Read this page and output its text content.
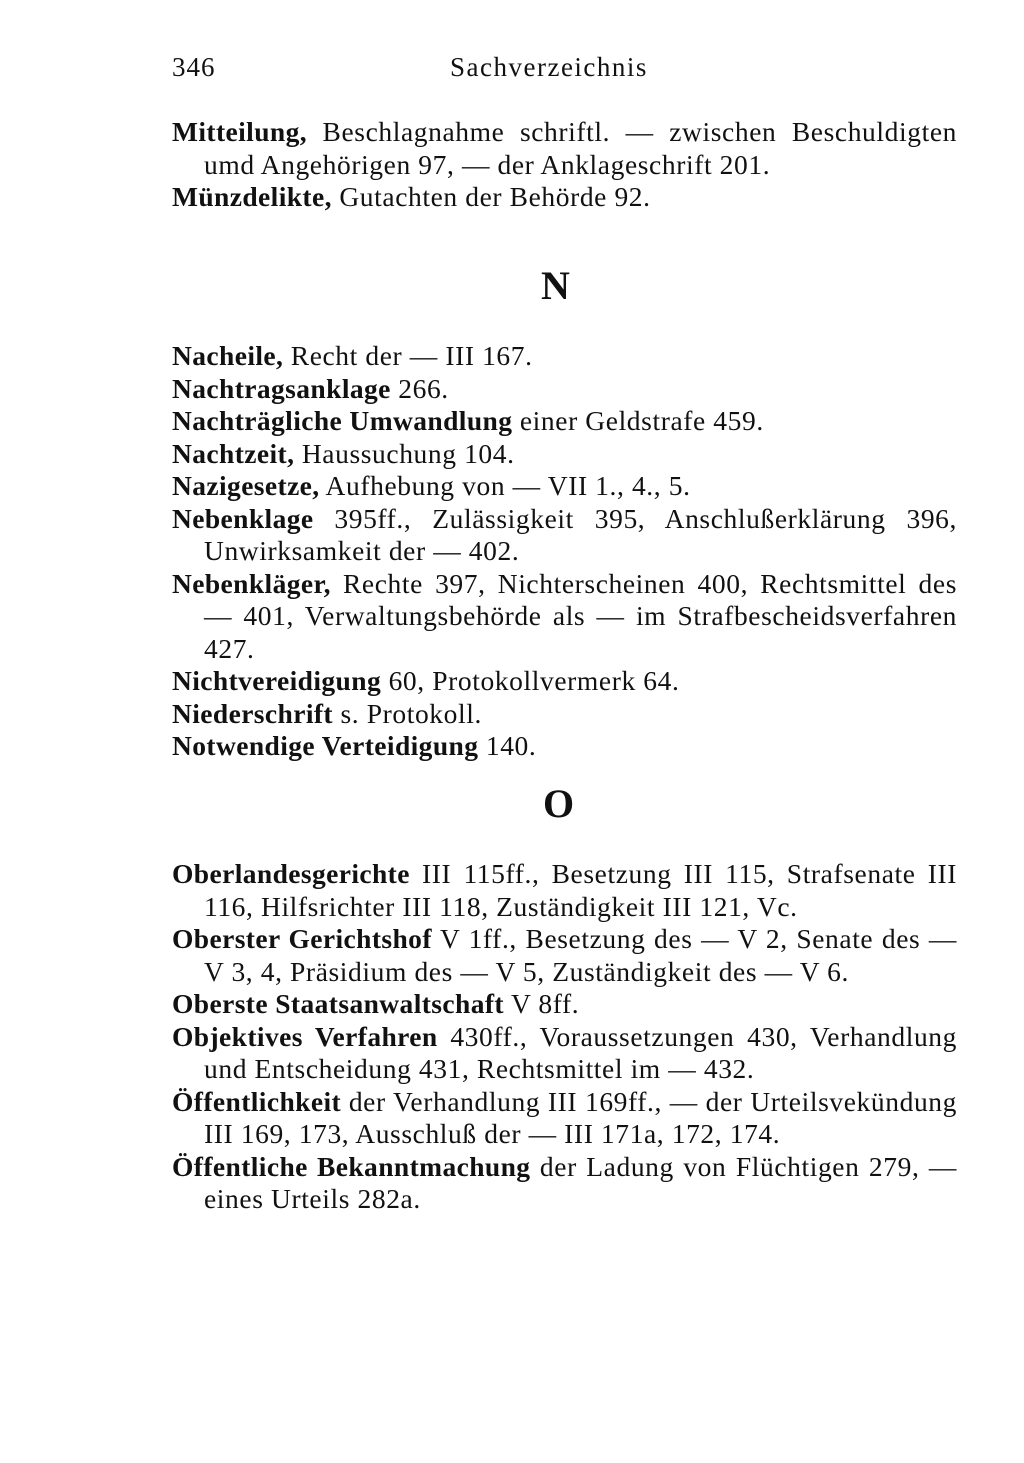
346	Sachverzeichnis
Mitteilung, Beschlagnahme schriftl. — zwischen Beschuldigten umd Angehörigen 97, — der Anklageschrift 201.
Münzdelikte, Gutachten der Behörde 92.
N
Nacheile, Recht der — III 167.
Nachtragsanklage 266.
Nachträgliche Umwandlung einer Geldstrafe 459.
Nachtzeit, Haussuchung 104.
Nazigesetze, Aufhebung von — VII 1., 4., 5.
Nebenklage 395ff., Zulässigkeit 395, Anschlußerklärung 396, Unwirksamkeit der — 402.
Nebenkläger, Rechte 397, Nichterscheinen 400, Rechtsmittel des — 401, Verwaltungsbehörde als — im Strafbescheidsverfahren 427.
Nichtvereidigung 60, Protokollvermerk 64.
Niederschrift s. Protokoll.
Notwendige Verteidigung 140.
O
Oberlandesgerichte III 115ff., Besetzung III 115, Strafsenate III 116, Hilfsrichter III 118, Zuständigkeit III 121, Vc.
Oberster Gerichtshof V 1ff., Besetzung des — V 2, Senate des — V 3, 4, Präsidium des — V 5, Zuständigkeit des — V 6.
Oberste Staatsanwaltschaft V 8ff.
Objektives Verfahren 430ff., Voraussetzungen 430, Verhandlung und Entscheidung 431, Rechtsmittel im — 432.
Öffentlichkeit der Verhandlung III 169ff., — der Urteilsvekündung III 169, 173, Ausschluß der — III 171a, 172, 174.
Öffentliche Bekanntmachung der Ladung von Flüchtigen 279, — eines Urteils 282a.
